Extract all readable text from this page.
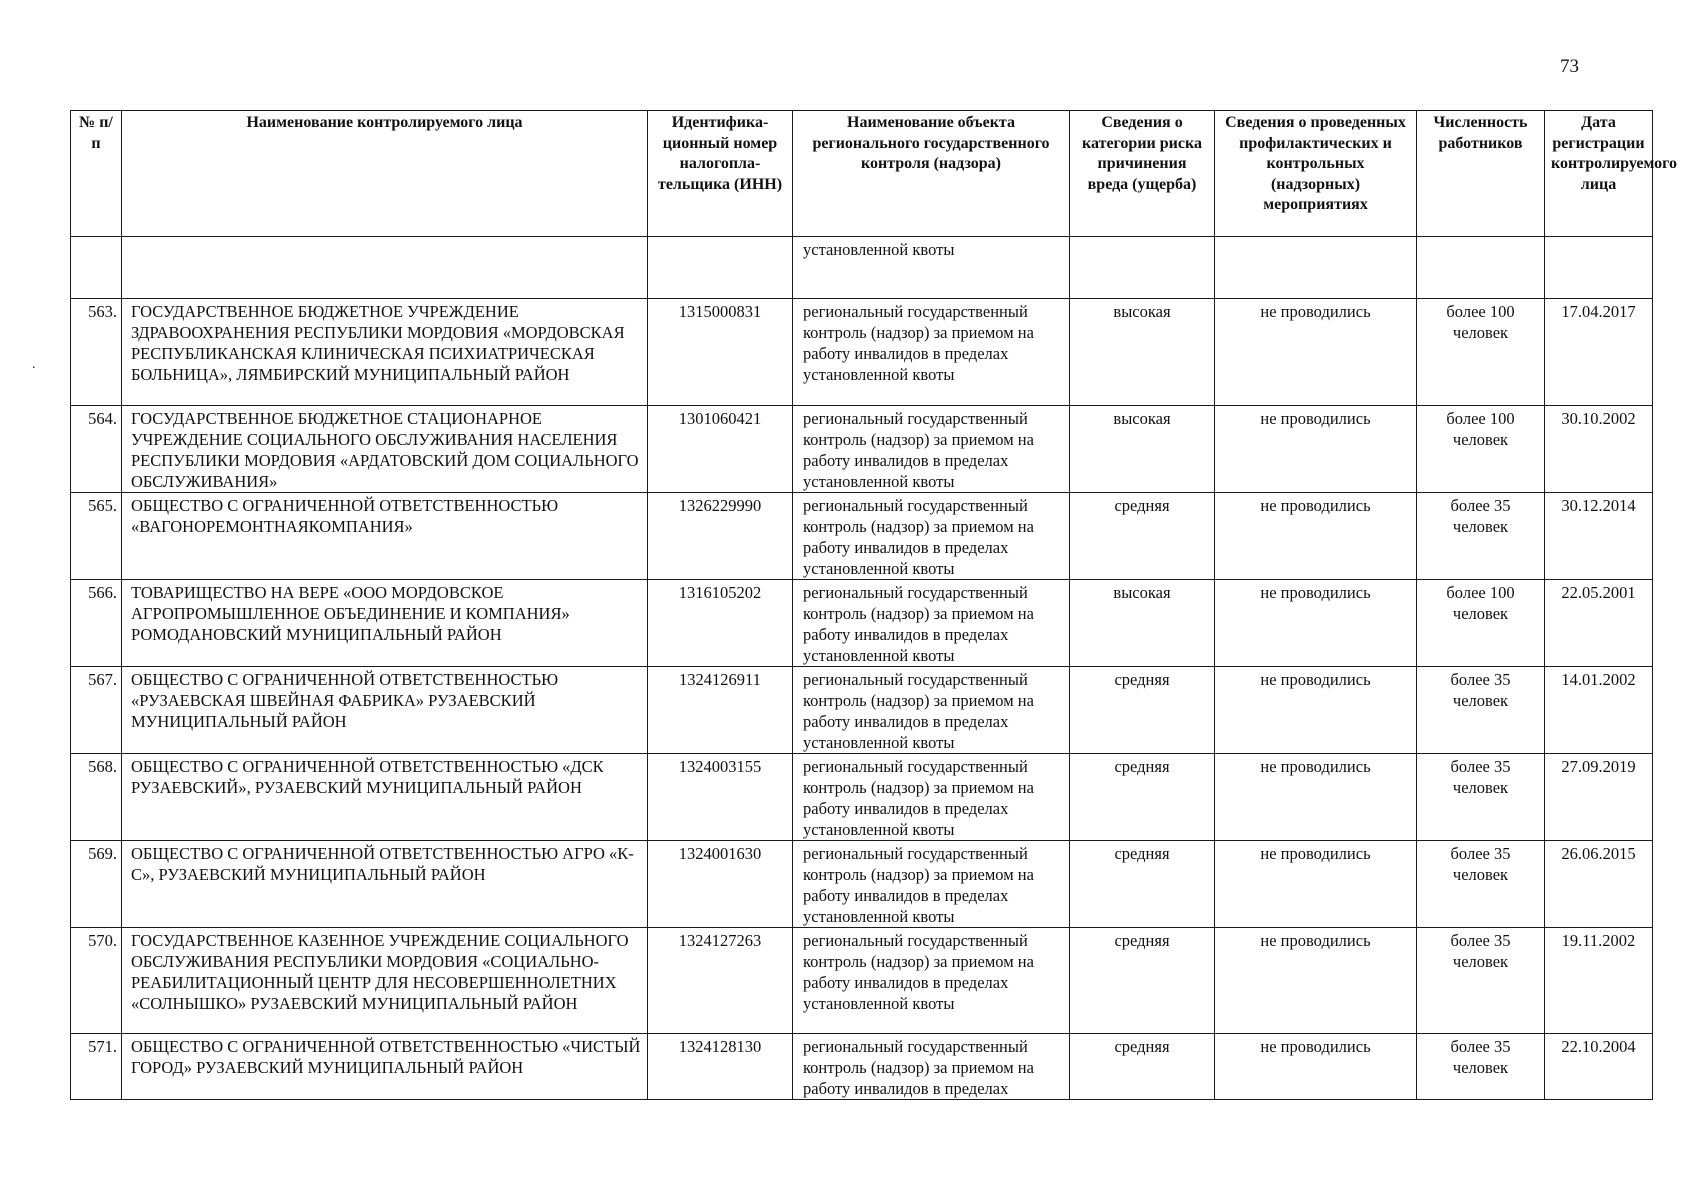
73
.
№ п/п	Наименование контролируемого лица	Идентифика-ционный номер налогопла-тельщика (ИНН)	Наименование объекта регионального государственного контроля (надзора)	Сведения о категории риска причинения вреда (ущерба)	Сведения о проведенных профилактических и контрольных (надзорных) мероприятиях	Численность работников	Дата регистрации контролируемого лица
			установленной квоты				
563.	ГОСУДАРСТВЕННОЕ БЮДЖЕТНОЕ УЧРЕЖДЕНИЕ ЗДРАВООХРАНЕНИЯ РЕСПУБЛИКИ МОРДОВИЯ «МОРДОВСКАЯ РЕСПУБЛИКАНСКАЯ КЛИНИЧЕСКАЯ ПСИХИАТРИЧЕСКАЯ БОЛЬНИЦА», ЛЯМБИРСКИЙ МУНИЦИПАЛЬНЫЙ РАЙОН	1315000831	региональный государственный контроль (надзор) за приемом на работу инвалидов в пределах установленной квоты	высокая	не проводились	более 100 человек	17.04.2017
564.	ГОСУДАРСТВЕННОЕ БЮДЖЕТНОЕ СТАЦИОНАРНОЕ УЧРЕЖДЕНИЕ СОЦИАЛЬНОГО ОБСЛУЖИВАНИЯ НАСЕЛЕНИЯ РЕСПУБЛИКИ МОРДОВИЯ «АРДАТОВСКИЙ ДОМ СОЦИАЛЬНОГО ОБСЛУЖИВАНИЯ»	1301060421	региональный государственный контроль (надзор) за приемом на работу инвалидов в пределах установленной квоты	высокая	не проводились	более 100 человек	30.10.2002
565.	ОБЩЕСТВО С ОГРАНИЧЕННОЙ ОТВЕТСТВЕННОСТЬЮ «ВАГОНОРЕМОНТНАЯКОМПАНИЯ»	1326229990	региональный государственный контроль (надзор) за приемом на работу инвалидов в пределах установленной квоты	средняя	не проводились	более 35 человек	30.12.2014
566.	ТОВАРИЩЕСТВО НА ВЕРЕ «ООО МОРДОВСКОЕ АГРОПРОМЫШЛЕННОЕ ОБЪЕДИНЕНИЕ И КОМПАНИЯ» РОМОДАНОВСКИЙ МУНИЦИПАЛЬНЫЙ РАЙОН	1316105202	региональный государственный контроль (надзор) за приемом на работу инвалидов в пределах установленной квоты	высокая	не проводились	более 100 человек	22.05.2001
567.	ОБЩЕСТВО С ОГРАНИЧЕННОЙ ОТВЕТСТВЕННОСТЬЮ «РУЗАЕВСКАЯ ШВЕЙНАЯ ФАБРИКА» РУЗАЕВСКИЙ МУНИЦИПАЛЬНЫЙ РАЙОН	1324126911	региональный государственный контроль (надзор) за приемом на работу инвалидов в пределах установленной квоты	средняя	не проводились	более 35 человек	14.01.2002
568.	ОБЩЕСТВО С ОГРАНИЧЕННОЙ ОТВЕТСТВЕННОСТЬЮ «ДСК РУЗАЕВСКИЙ», РУЗАЕВСКИЙ МУНИЦИПАЛЬНЫЙ РАЙОН	1324003155	региональный государственный контроль (надзор) за приемом на работу инвалидов в пределах установленной квоты	средняя	не проводились	более 35 человек	27.09.2019
569.	ОБЩЕСТВО С ОГРАНИЧЕННОЙ ОТВЕТСТВЕННОСТЬЮ АГРО «К-С», РУЗАЕВСКИЙ МУНИЦИПАЛЬНЫЙ РАЙОН	1324001630	региональный государственный контроль (надзор) за приемом на работу инвалидов в пределах установленной квоты	средняя	не проводились	более 35 человек	26.06.2015
570.	ГОСУДАРСТВЕННОЕ КАЗЕННОЕ УЧРЕЖДЕНИЕ СОЦИАЛЬНОГО ОБСЛУЖИВАНИЯ РЕСПУБЛИКИ МОРДОВИЯ «СОЦИАЛЬНО-РЕАБИЛИТАЦИОННЫЙ ЦЕНТР ДЛЯ НЕСОВЕРШЕННОЛЕТНИХ «СОЛНЫШКО» РУЗАЕВСКИЙ МУНИЦИПАЛЬНЫЙ РАЙОН	1324127263	региональный государственный контроль (надзор) за приемом на работу инвалидов в пределах установленной квоты	средняя	не проводились	более 35 человек	19.11.2002
571.	ОБЩЕСТВО С ОГРАНИЧЕННОЙ ОТВЕТСТВЕННОСТЬЮ «ЧИСТЫЙ ГОРОД» РУЗАЕВСКИЙ МУНИЦИПАЛЬНЫЙ РАЙОН	1324128130	региональный государственный контроль (надзор) за приемом на работу инвалидов в пределах	средняя	не проводились	более 35 человек	22.10.2004
